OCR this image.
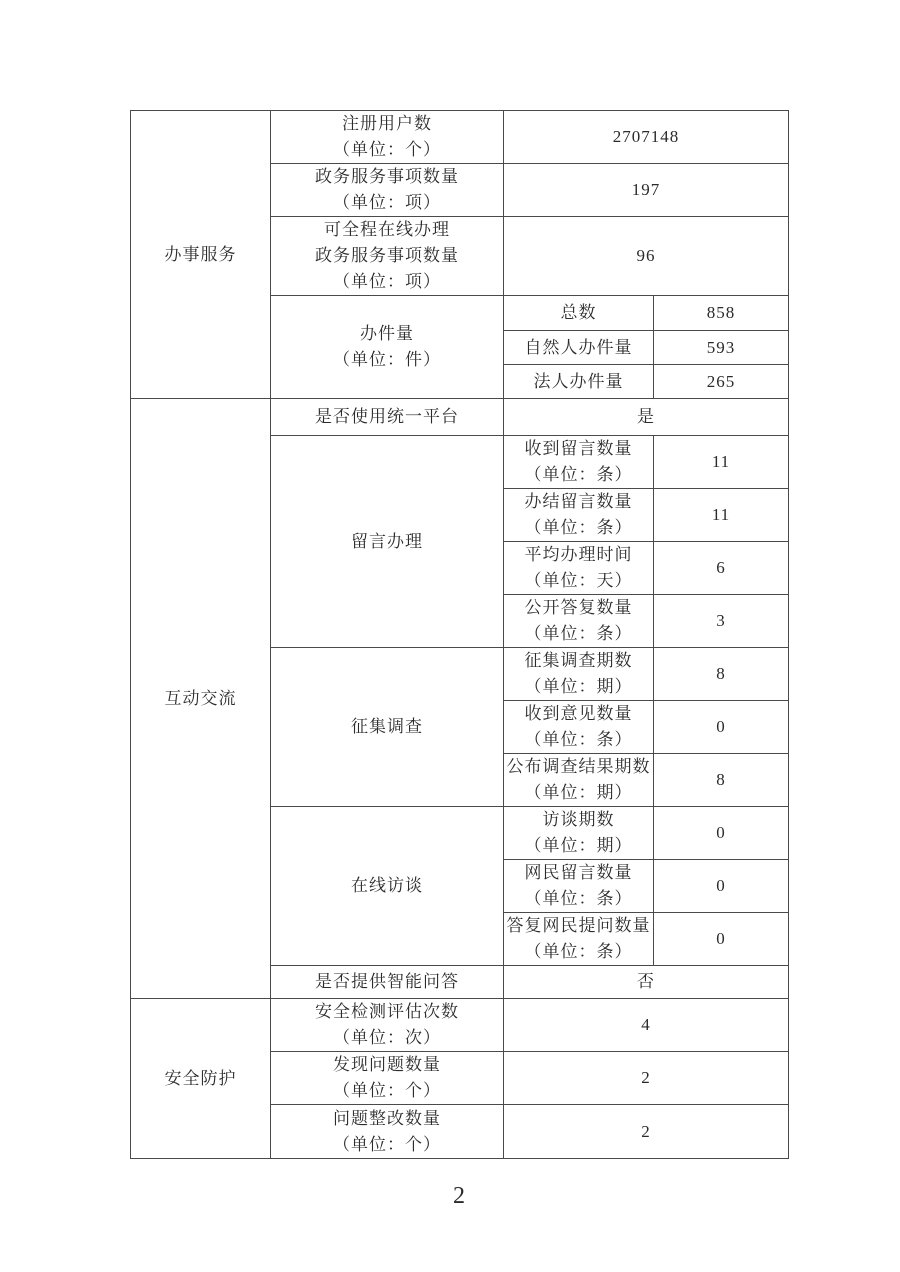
办事服务	注册用户数
（单位：个）	2707148	

	政务服务事项数量
（单位：项）	197	

	可全程在线办理
政务服务事项数量
（单位：项）	96	

	办件量
（单位：件）	总数	858

		自然人办件量	593

		法人办件量	265

互动交流	是否使用统一平台	是	

	留言办理	收到留言数量
（单位：条）	11

		办结留言数量
（单位：条）	11

		平均办理时间
（单位：天）	6

		公开答复数量
（单位：条）	3

	征集调查	征集调查期数
（单位：期）	8

		收到意见数量
（单位：条）	0

		公布调查结果期数
（单位：期）	8

	在线访谈	访谈期数
（单位：期）	0

		网民留言数量
（单位：条）	0

		答复网民提问数量
（单位：条）	0

	是否提供智能问答	否	

安全防护	安全检测评估次数
（单位：次）	4	

	发现问题数量
（单位：个）	2	

	问题整改数量
（单位：个）	2	
2
